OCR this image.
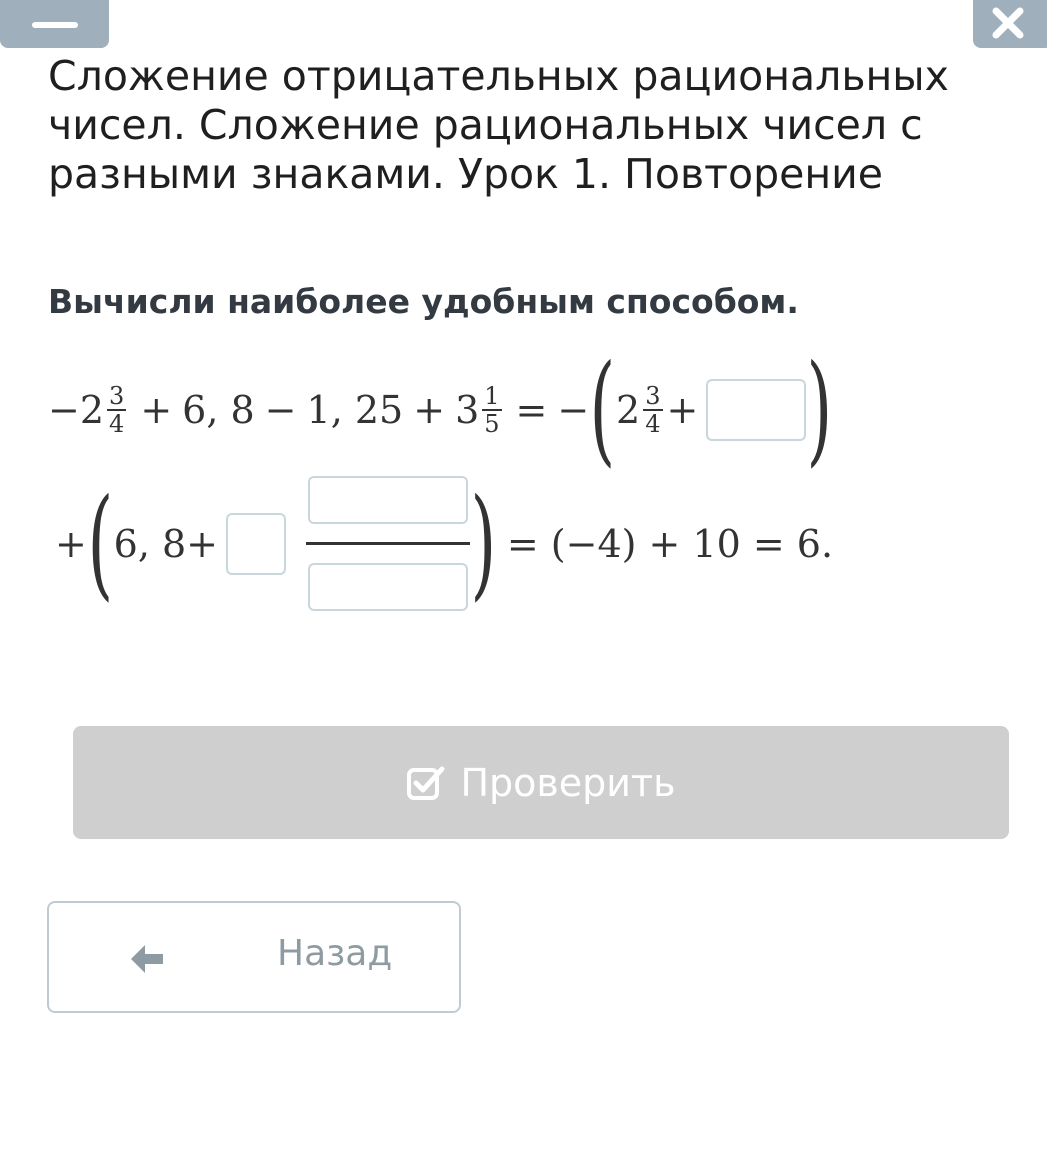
Сложение отрицательных рациональных чисел. Сложение рациональных чисел с разными знаками. Урок 1. Повторение

Вычисли наиболее удобным способом.

− $2 \frac{3}{4} + 6$, 8 − 1, $25 + 3 \frac{1}{5}$ = − ( $2 \frac{3}{4}$ + )
+ ( 6, 8+ ) = (−4) + 10 = 6.
Проверить
Назад
